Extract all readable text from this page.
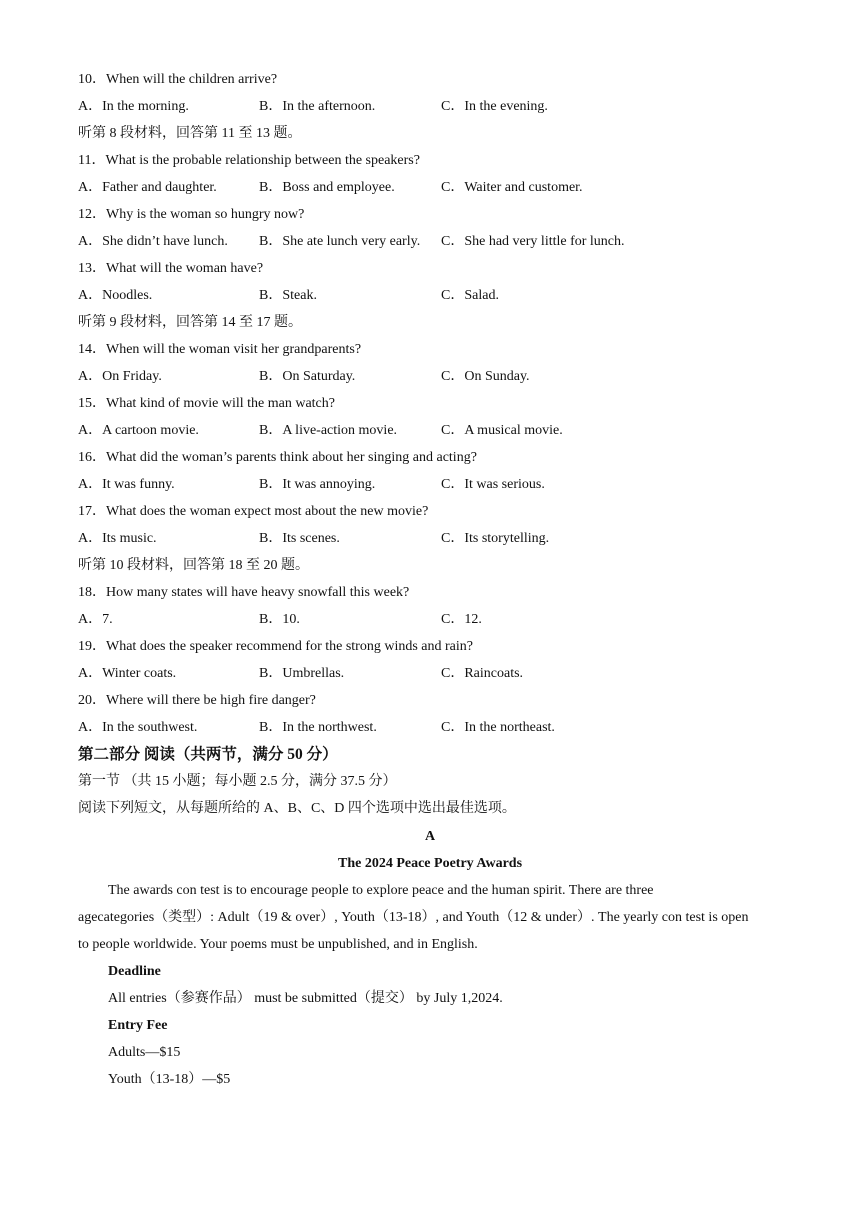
10．When will the children arrive?
A．In the morning.	B．In the afternoon.	C．In the evening.
听第 8 段材料，回答第 11 至 13 题。
11．What is the probable relationship between the speakers?
A．Father and daughter.	B．Boss and employee.	C．Waiter and customer.
12．Why is the woman so hungry now?
A．She didn’t have lunch. B．She ate lunch very early. C．She had very little for lunch.
13．What will the woman have?
A．Noodles.	B．Steak.	C．Salad.
听第 9 段材料，回答第 14 至 17 题。
14．When will the woman visit her grandparents?
A．On Friday.	B．On Saturday.	C．On Sunday.
15．What kind of movie will the man watch?
A．A cartoon movie.	B．A live-action movie.	C．A musical movie.
16．What did the woman’s parents think about her singing and acting?
A．It was funny.	B．It was annoying.	C．It was serious.
17．What does the woman expect most about the new movie?
A．Its music.	B．Its scenes.	C．Its storytelling.
听第 10 段材料，回答第 18 至 20 题。
18．How many states will have heavy snowfall this week?
A．7.	B．10.	C．12.
19．What does the speaker recommend for the strong winds and rain?
A．Winter coats.	B．Umbrellas.	C．Raincoats.
20．Where will there be high fire danger?
A．In the southwest.	B．In the northwest.	C．In the northeast.
第二部分 阅读（共两节，满分 50 分）
第一节 （共 15 小题；每小题 2.5 分，满分 37.5 分）
阅读下列短文，从每题所给的 A、B、C、D 四个选项中选出最佳选项。
A
The 2024 Peace Poetry Awards
The awards con test is to encourage people to explore peace and the human spirit. There are three
agecategories（类型）: Adult（19 & over）, Youth（13-18）, and Youth（12 & under）. The yearly con test is open
to people worldwide. Your poems must be unpublished, and in English.
Deadline
All entries（参赛作品） must be submitted（提交） by July 1,2024.
Entry Fee
Adults—$15
Youth（13-18）—$5
